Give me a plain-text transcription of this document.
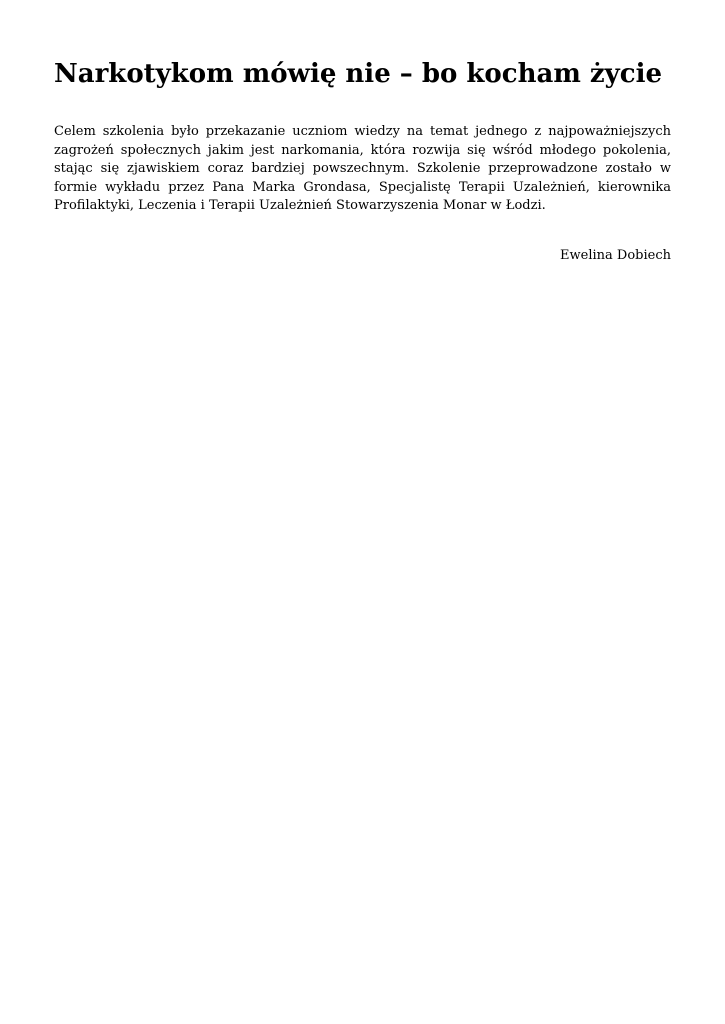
Narkotykom mówię nie – bo kocham życie

Celem szkolenia było przekazanie uczniom wiedzy na temat jednego z najpoważniejszych zagrożeń społecznych jakim jest narkomania, która rozwija się wśród młodego pokolenia, stając się zjawiskiem coraz bardziej powszechnym. Szkolenie przeprowadzone zostało w formie wykładu przez Pana Marka Grondasa, Specjalistę Terapii Uzależnień, kierownika Profilaktyki, Leczenia i Terapii Uzależnień Stowarzyszenia Monar w Łodzi.

Ewelina Dobiech
